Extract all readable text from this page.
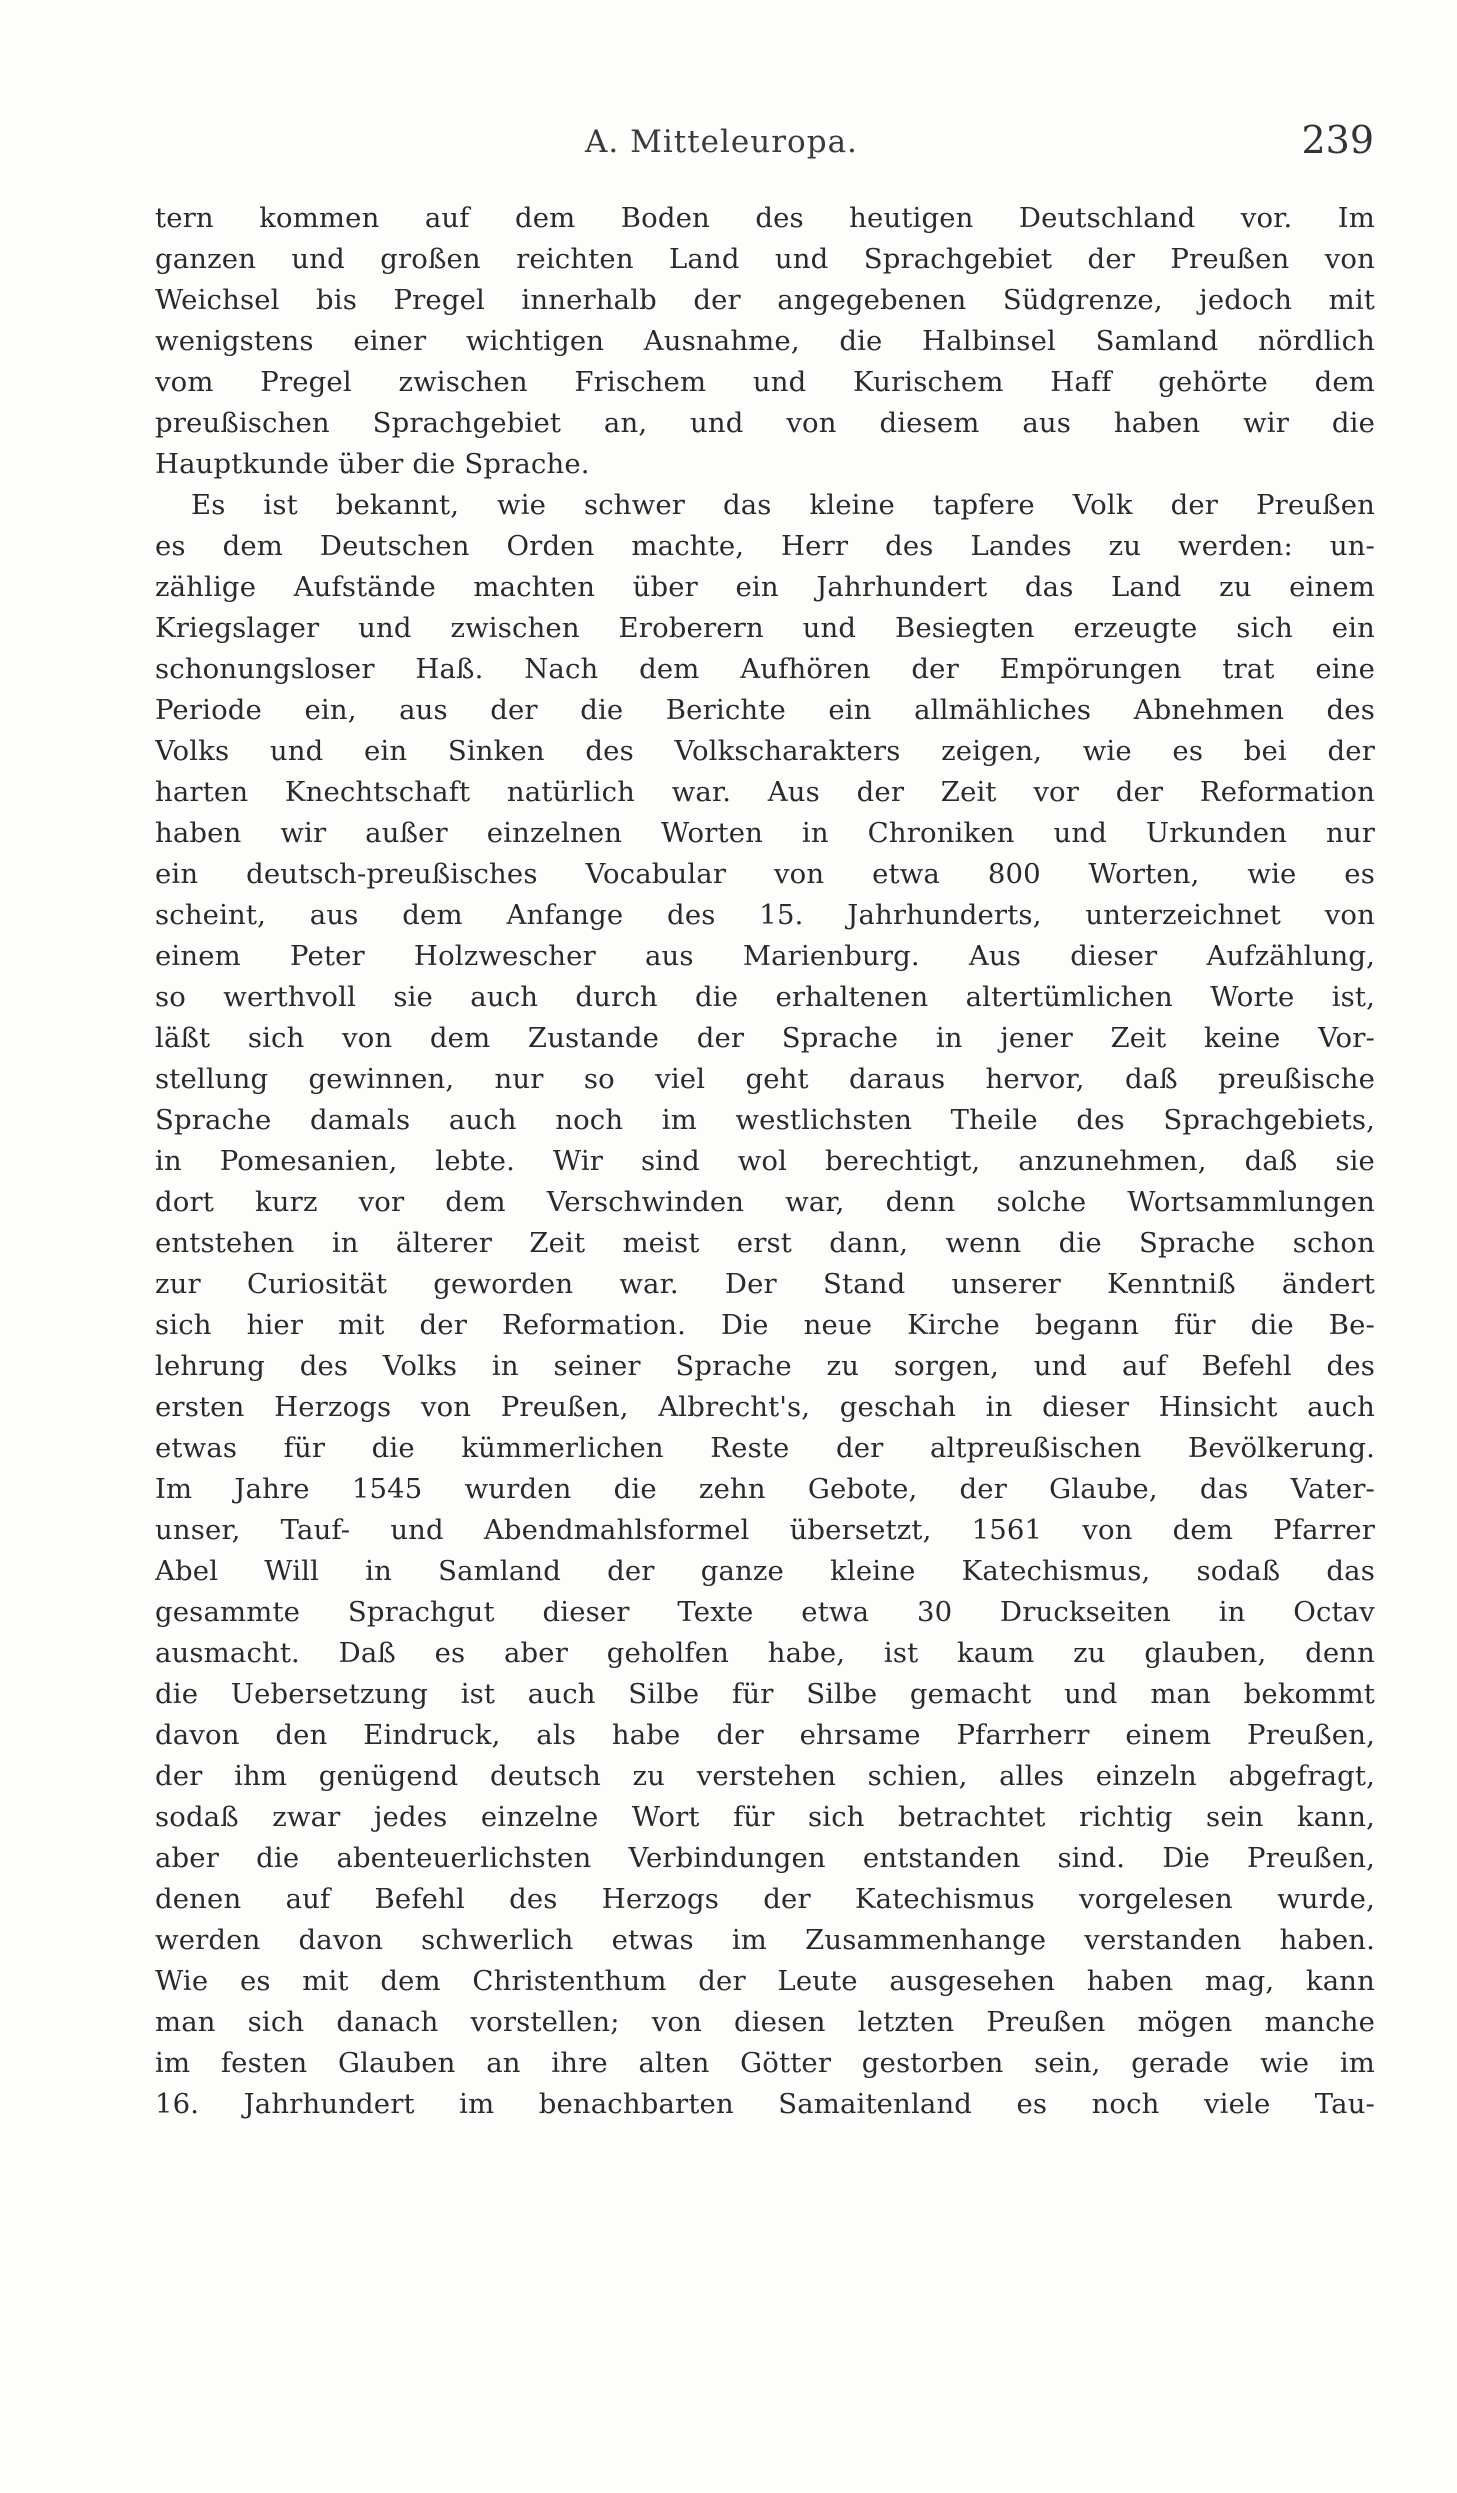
A. Mitteleuropa.	239
tern kommen auf dem Boden des heutigen Deutschland vor. Im
ganzen und großen reichten Land und Sprachgebiet der Preußen von
Weichsel bis Pregel innerhalb der angegebenen Südgrenze, jedoch mit
wenigstens einer wichtigen Ausnahme, die Halbinsel Samland nördlich
vom Pregel zwischen Frischem und Kurischem Haff gehörte dem
preußischen Sprachgebiet an, und von diesem aus haben wir die
Hauptkunde über die Sprache.
Es ist bekannt, wie schwer das kleine tapfere Volk der Preußen
es dem Deutschen Orden machte, Herr des Landes zu werden: un-
zählige Aufstände machten über ein Jahrhundert das Land zu einem
Kriegslager und zwischen Eroberern und Besiegten erzeugte sich ein
schonungsloser Haß. Nach dem Aufhören der Empörungen trat eine
Periode ein, aus der die Berichte ein allmähliches Abnehmen des
Volks und ein Sinken des Volkscharakters zeigen, wie es bei der
harten Knechtschaft natürlich war. Aus der Zeit vor der Reformation
haben wir außer einzelnen Worten in Chroniken und Urkunden nur
ein deutsch-preußisches Vocabular von etwa 800 Worten, wie es
scheint, aus dem Anfange des 15. Jahrhunderts, unterzeichnet von
einem Peter Holzwescher aus Marienburg. Aus dieser Aufzählung,
so werthvoll sie auch durch die erhaltenen altertümlichen Worte ist,
läßt sich von dem Zustande der Sprache in jener Zeit keine Vor-
stellung gewinnen, nur so viel geht daraus hervor, daß preußische
Sprache damals auch noch im westlichsten Theile des Sprachgebiets,
in Pomesanien, lebte. Wir sind wol berechtigt, anzunehmen, daß sie
dort kurz vor dem Verschwinden war, denn solche Wortsammlungen
entstehen in älterer Zeit meist erst dann, wenn die Sprache schon
zur Curiosität geworden war. Der Stand unserer Kenntniß ändert
sich hier mit der Reformation. Die neue Kirche begann für die Be-
lehrung des Volks in seiner Sprache zu sorgen, und auf Befehl des
ersten Herzogs von Preußen, Albrecht's, geschah in dieser Hinsicht auch
etwas für die kümmerlichen Reste der altpreußischen Bevölkerung.
Im Jahre 1545 wurden die zehn Gebote, der Glaube, das Vater-
unser, Tauf- und Abendmahlsformel übersetzt, 1561 von dem Pfarrer
Abel Will in Samland der ganze kleine Katechismus, sodaß das
gesammte Sprachgut dieser Texte etwa 30 Druckseiten in Octav
ausmacht. Daß es aber geholfen habe, ist kaum zu glauben, denn
die Uebersetzung ist auch Silbe für Silbe gemacht und man bekommt
davon den Eindruck, als habe der ehrsame Pfarrherr einem Preußen,
der ihm genügend deutsch zu verstehen schien, alles einzeln abgefragt,
sodaß zwar jedes einzelne Wort für sich betrachtet richtig sein kann,
aber die abenteuerlichsten Verbindungen entstanden sind. Die Preußen,
denen auf Befehl des Herzogs der Katechismus vorgelesen wurde,
werden davon schwerlich etwas im Zusammenhange verstanden haben.
Wie es mit dem Christenthum der Leute ausgesehen haben mag, kann
man sich danach vorstellen; von diesen letzten Preußen mögen manche
im festen Glauben an ihre alten Götter gestorben sein, gerade wie im
16. Jahrhundert im benachbarten Samaitenland es noch viele Tau-
